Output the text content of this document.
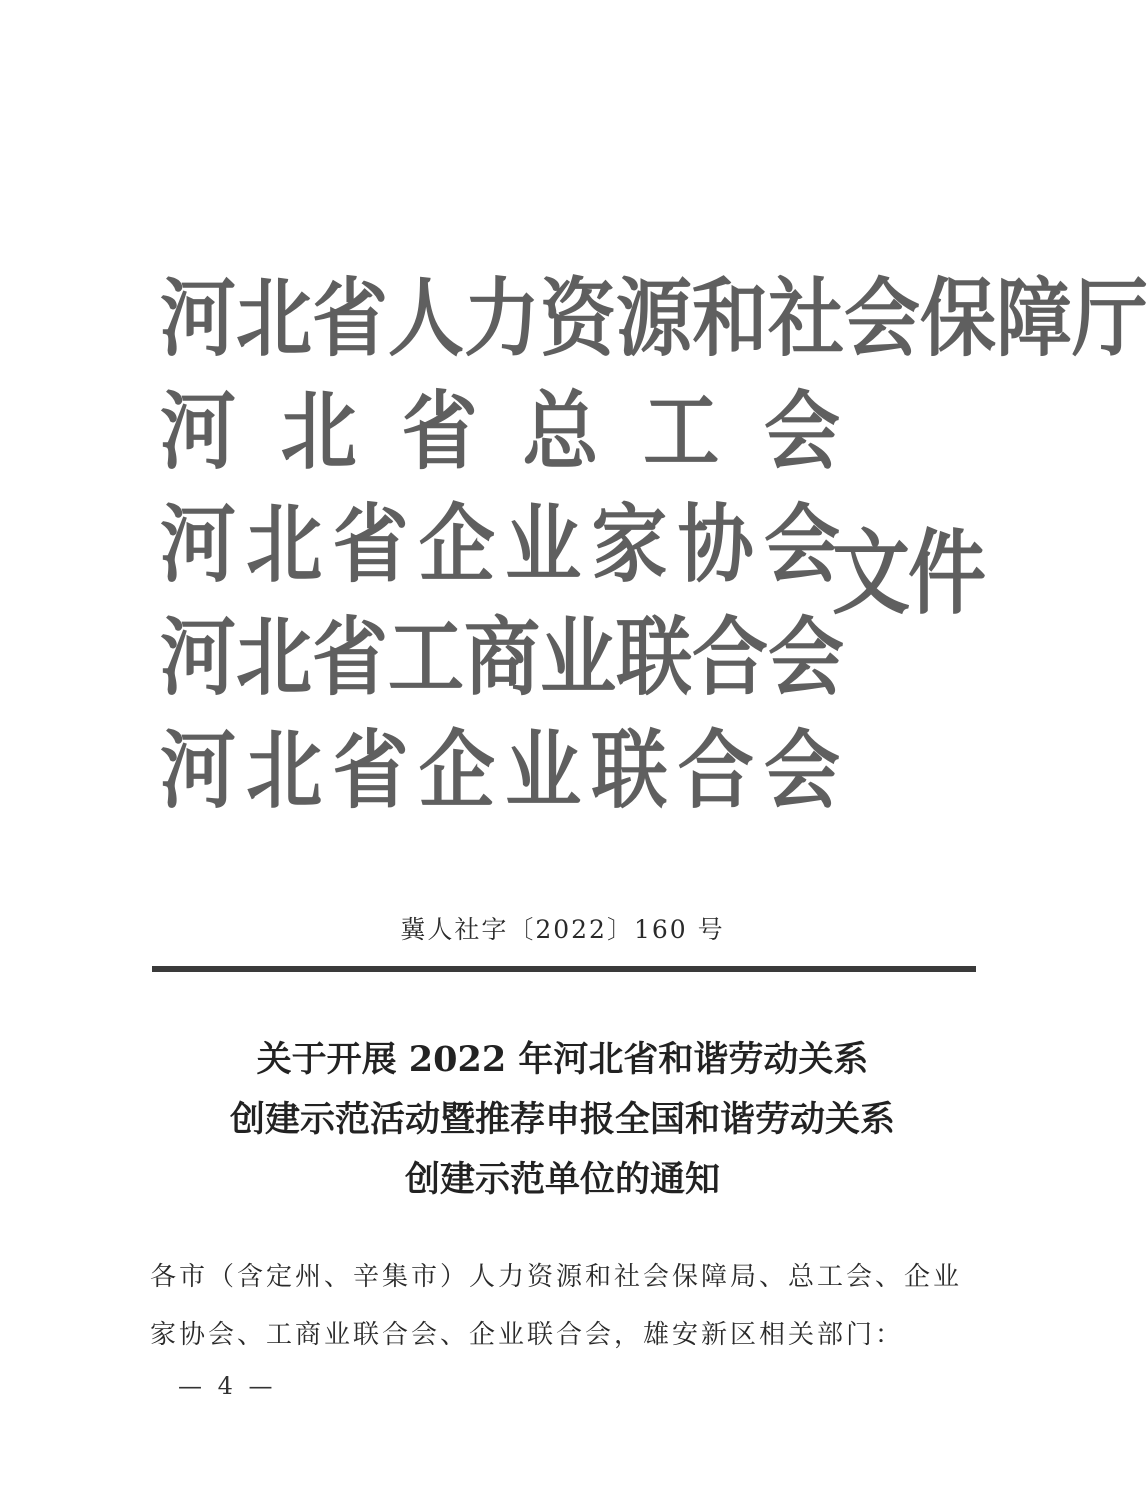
河 北 省 人 力 资 源 和 社 会 保 障 厅
河 北 省 总 工 会
河 北 省 企 业 家 协 会
河 北 省 工 商 业 联 合 会
河 北 省 企 业 联 合 会
文件
冀人社字〔2022〕160 号
关于开展 2022 年河北省和谐劳动关系
创建示范活动暨推荐申报全国和谐劳动关系
创建示范单位的通知
各市（含定州、辛集市）人力资源和社会保障局、总工会、企业家协会、工商业联合会、企业联合会，雄安新区相关部门：
— 4 —
